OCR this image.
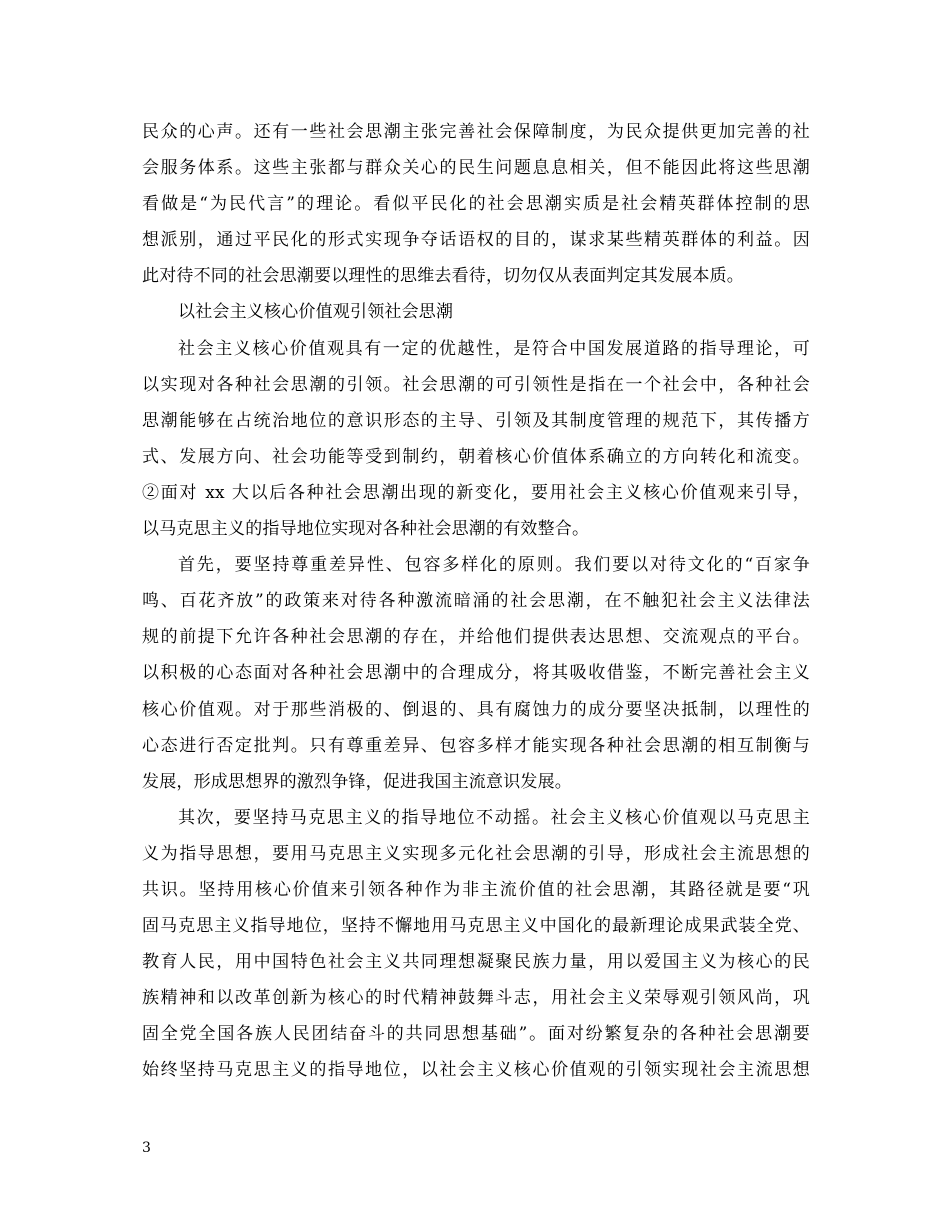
民众的心声。还有一些社会思潮主张完善社会保障制度，为民众提供更加完善的社
会服务体系。这些主张都与群众关心的民生问题息息相关，但不能因此将这些思潮
看做是“为民代言”的理论。看似平民化的社会思潮实质是社会精英群体控制的思
想派别，通过平民化的形式实现争夺话语权的目的，谋求某些精英群体的利益。因
此对待不同的社会思潮要以理性的思维去看待，切勿仅从表面判定其发展本质。
以社会主义核心价值观引领社会思潮
社会主义核心价值观具有一定的优越性，是符合中国发展道路的指导理论，可
以实现对各种社会思潮的引领。社会思潮的可引领性是指在一个社会中，各种社会
思潮能够在占统治地位的意识形态的主导、引领及其制度管理的规范下，其传播方
式、发展方向、社会功能等受到制约，朝着核心价值体系确立的方向转化和流变。
②面对 xx 大以后各种社会思潮出现的新变化，要用社会主义核心价值观来引导，
以马克思主义的指导地位实现对各种社会思潮的有效整合。
首先，要坚持尊重差异性、包容多样化的原则。我们要以对待文化的“百家争
鸣、百花齐放”的政策来对待各种激流暗涌的社会思潮，在不触犯社会主义法律法
规的前提下允许各种社会思潮的存在，并给他们提供表达思想、交流观点的平台。
以积极的心态面对各种社会思潮中的合理成分，将其吸收借鉴，不断完善社会主义
核心价值观。对于那些消极的、倒退的、具有腐蚀力的成分要坚决抵制，以理性的
心态进行否定批判。只有尊重差异、包容多样才能实现各种社会思潮的相互制衡与
发展，形成思想界的激烈争锋，促进我国主流意识发展。
其次，要坚持马克思主义的指导地位不动摇。社会主义核心价值观以马克思主
义为指导思想，要用马克思主义实现多元化社会思潮的引导，形成社会主流思想的
共识。坚持用核心价值来引领各种作为非主流价值的社会思潮，其路径就是要“巩
固马克思主义指导地位，坚持不懈地用马克思主义中国化的最新理论成果武装全党、
教育人民，用中国特色社会主义共同理想凝聚民族力量，用以爱国主义为核心的民
族精神和以改革创新为核心的时代精神鼓舞斗志，用社会主义荣辱观引领风尚，巩
固全党全国各族人民团结奋斗的共同思想基础”。面对纷繁复杂的各种社会思潮要
始终坚持马克思主义的指导地位，以社会主义核心价值观的引领实现社会主流思想
3
